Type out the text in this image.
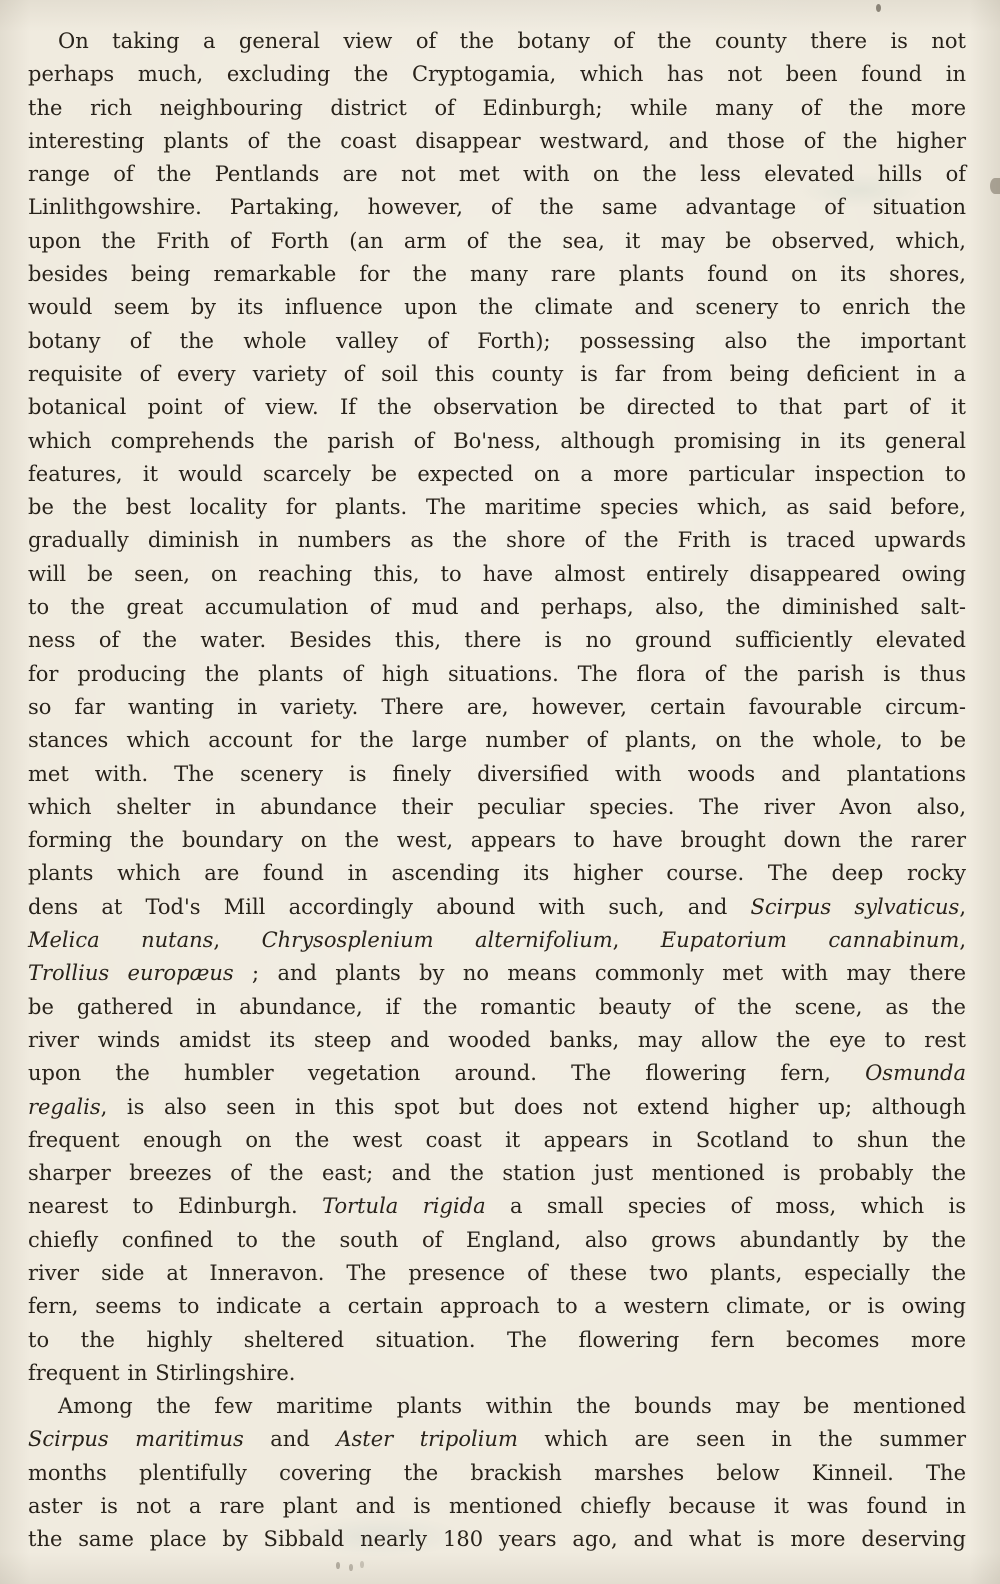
On taking a general view of the botany of the county there is not
perhaps much, excluding the Cryptogamia, which has not been found in
the rich neighbouring district of Edinburgh; while many of the more
interesting plants of the coast disappear westward, and those of the higher
range of the Pentlands are not met with on the less elevated hills of
Linlithgowshire. Partaking, however, of the same advantage of situation
upon the Frith of Forth (an arm of the sea, it may be observed, which,
besides being remarkable for the many rare plants found on its shores,
would seem by its influence upon the climate and scenery to enrich the
botany of the whole valley of Forth); possessing also the important
requisite of every variety of soil this county is far from being deficient in a
botanical point of view. If the observation be directed to that part of it
which comprehends the parish of Bo'ness, although promising in its general
features, it would scarcely be expected on a more particular inspection to
be the best locality for plants. The maritime species which, as said before,
gradually diminish in numbers as the shore of the Frith is traced upwards
will be seen, on reaching this, to have almost entirely disappeared owing
to the great accumulation of mud and perhaps, also, the diminished salt-
ness of the water. Besides this, there is no ground sufficiently elevated
for producing the plants of high situations. The flora of the parish is thus
so far wanting in variety. There are, however, certain favourable circum-
stances which account for the large number of plants, on the whole, to be
met with. The scenery is finely diversified with woods and plantations
which shelter in abundance their peculiar species. The river Avon also,
forming the boundary on the west, appears to have brought down the rarer
plants which are found in ascending its higher course. The deep rocky
dens at Tod's Mill accordingly abound with such, and Scirpus sylvaticus,
Melica nutans, Chrysosplenium alternifolium, Eupatorium cannabinum,
Trollius europæus ; and plants by no means commonly met with may there
be gathered in abundance, if the romantic beauty of the scene, as the
river winds amidst its steep and wooded banks, may allow the eye to rest
upon the humbler vegetation around. The flowering fern, Osmunda
regalis, is also seen in this spot but does not extend higher up; although
frequent enough on the west coast it appears in Scotland to shun the
sharper breezes of the east; and the station just mentioned is probably the
nearest to Edinburgh. Tortula rigida a small species of moss, which is
chiefly confined to the south of England, also grows abundantly by the
river side at Inneravon. The presence of these two plants, especially the
fern, seems to indicate a certain approach to a western climate, or is owing
to the highly sheltered situation. The flowering fern becomes more
frequent in Stirlingshire.

Among the few maritime plants within the bounds may be mentioned
Scirpus maritimus and Aster tripolium which are seen in the summer
months plentifully covering the brackish marshes below Kinneil. The
aster is not a rare plant and is mentioned chiefly because it was found in
the same place by Sibbald nearly 180 years ago, and what is more deserving
